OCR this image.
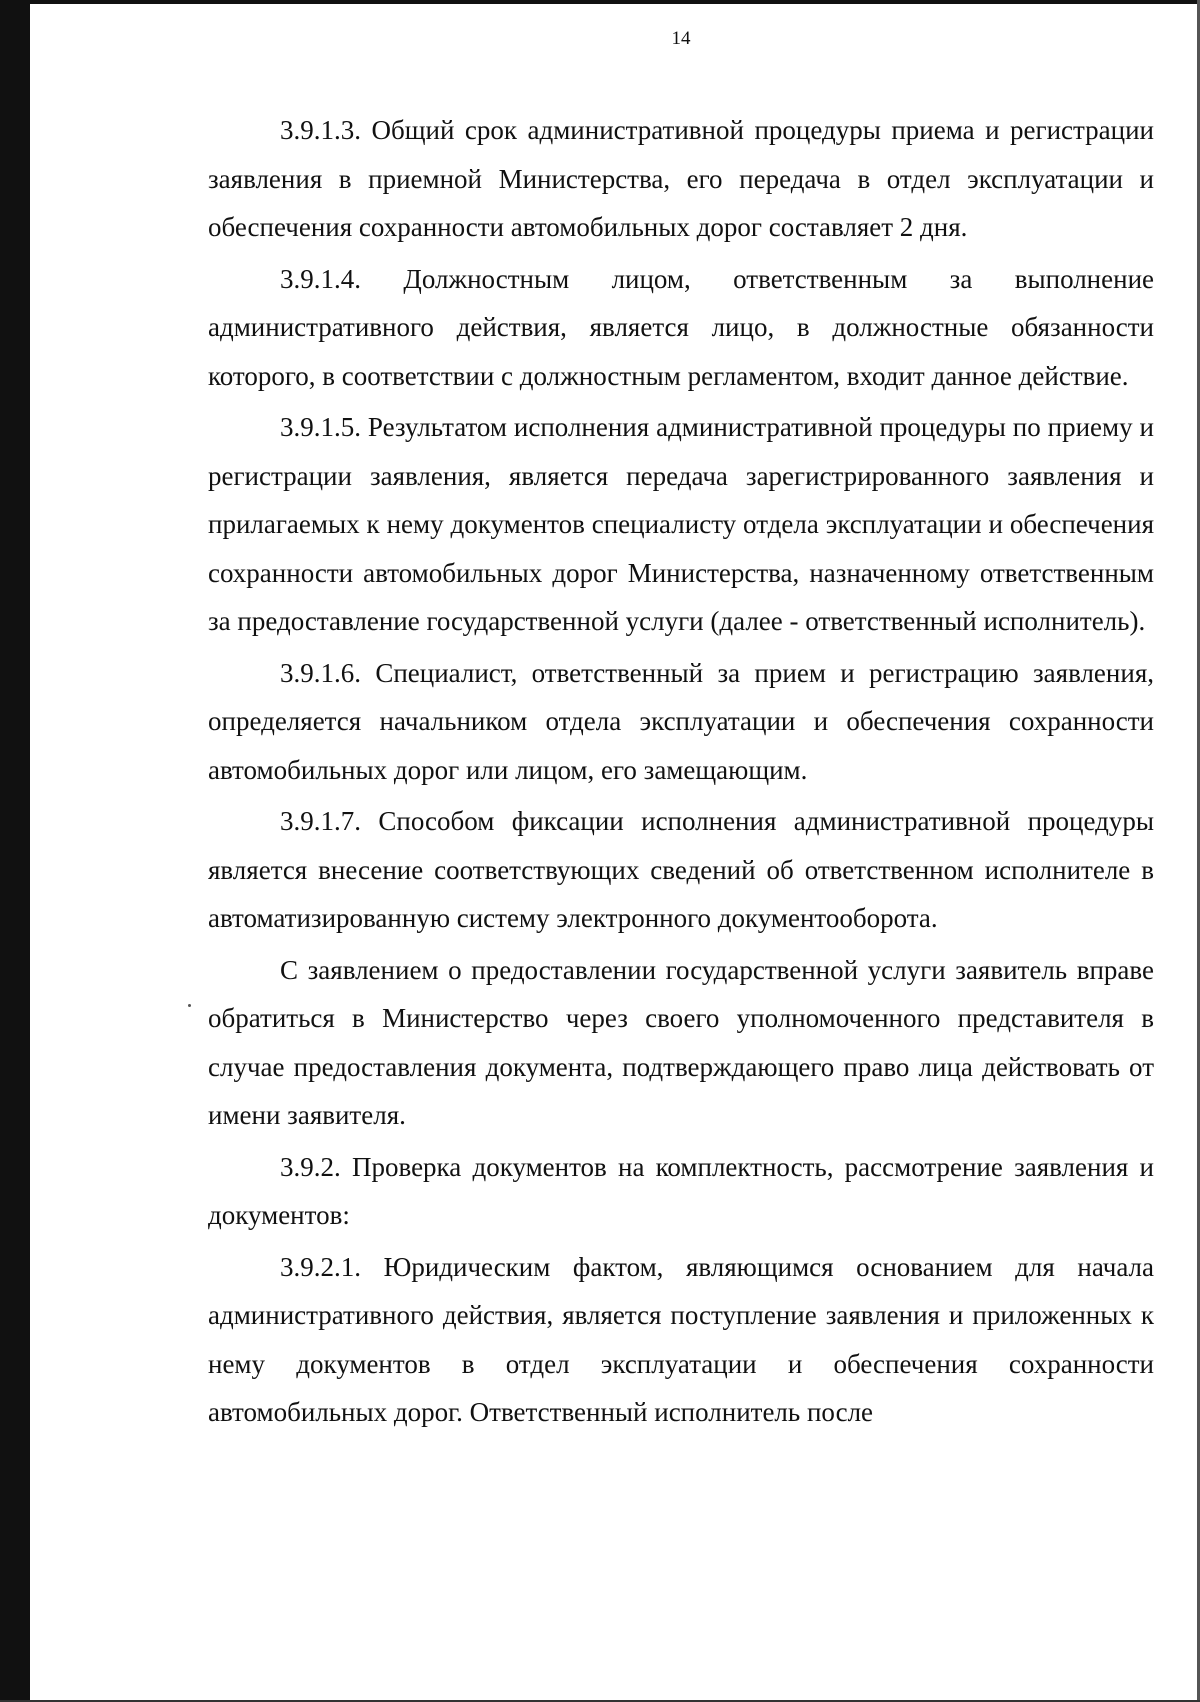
14

3.9.1.3. Общий срок административной процедуры приема и регистрации заявления в приемной Министерства, его передача в отдел эксплуатации и обеспечения сохранности автомобильных дорог составляет 2 дня.

3.9.1.4. Должностным лицом, ответственным за выполнение административного действия, является лицо, в должностные обязанности которого, в соответствии с должностным регламентом, входит данное действие.

3.9.1.5. Результатом исполнения административной процедуры по приему и регистрации заявления, является передача зарегистрированного заявления и прилагаемых к нему документов специалисту отдела эксплуатации и обеспечения сохранности автомобильных дорог Министерства, назначенному ответственным за предоставление государственной услуги (далее - ответственный исполнитель).

3.9.1.6. Специалист, ответственный за прием и регистрацию заявления, определяется начальником отдела эксплуатации и обеспечения сохранности автомобильных дорог или лицом, его замещающим.

3.9.1.7. Способом фиксации исполнения административной процедуры является внесение соответствующих сведений об ответственном исполнителе в автоматизированную систему электронного документооборота.

С заявлением о предоставлении государственной услуги заявитель вправе обратиться в Министерство через своего уполномоченного представителя в случае предоставления документа, подтверждающего право лица действовать от имени заявителя.

3.9.2. Проверка документов на комплектность, рассмотрение заявления и документов:

3.9.2.1. Юридическим фактом, являющимся основанием для начала административного действия, является поступление заявления и приложенных к нему документов в отдел эксплуатации и обеспечения сохранности автомобильных дорог. Ответственный исполнитель после
